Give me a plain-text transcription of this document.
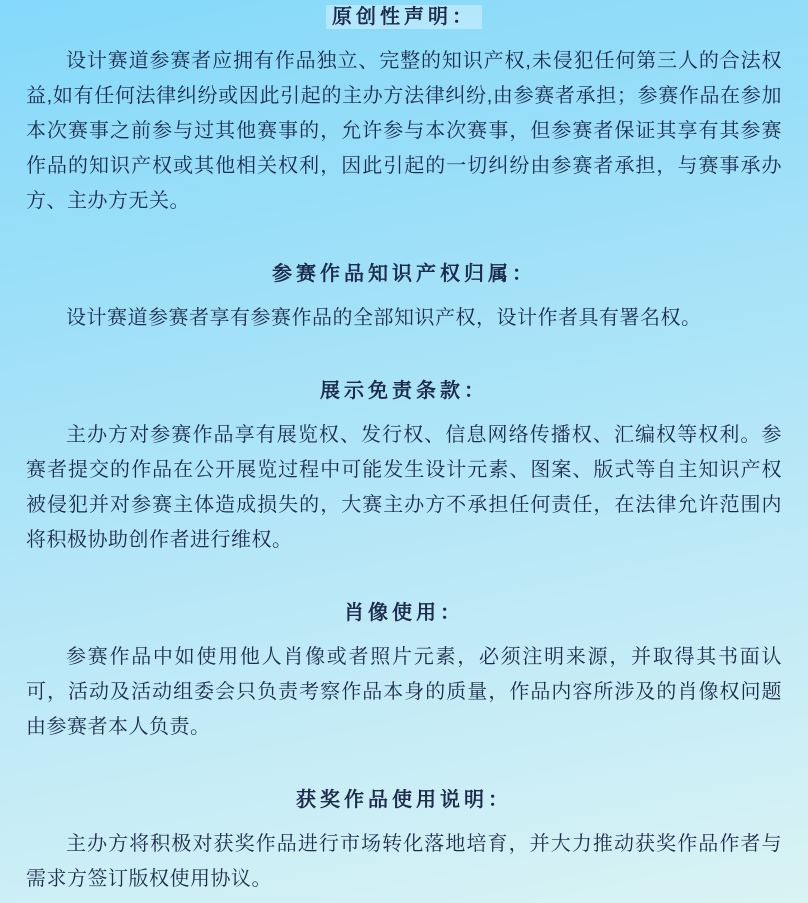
原创性声明：

设计赛道参赛者应拥有作品独立、完整的知识产权,未侵犯任何第三人的合法权益,如有任何法律纠纷或因此引起的主办方法律纠纷,由参赛者承担；参赛作品在参加本次赛事之前参与过其他赛事的，允许参与本次赛事，但参赛者保证其享有其参赛作品的知识产权或其他相关权利，因此引起的一切纠纷由参赛者承担，与赛事承办方、主办方无关。

参赛作品知识产权归属：

设计赛道参赛者享有参赛作品的全部知识产权，设计作者具有署名权。

展示免责条款：

主办方对参赛作品享有展览权、发行权、信息网络传播权、汇编权等权利。参赛者提交的作品在公开展览过程中可能发生设计元素、图案、版式等自主知识产权被侵犯并对参赛主体造成损失的，大赛主办方不承担任何责任，在法律允许范围内将积极协助创作者进行维权。

肖像使用：

参赛作品中如使用他人肖像或者照片元素，必须注明来源，并取得其书面认可，活动及活动组委会只负责考察作品本身的质量，作品内容所涉及的肖像权问题由参赛者本人负责。

获奖作品使用说明：

主办方将积极对获奖作品进行市场转化落地培育，并大力推动获奖作品作者与需求方签订版权使用协议。
